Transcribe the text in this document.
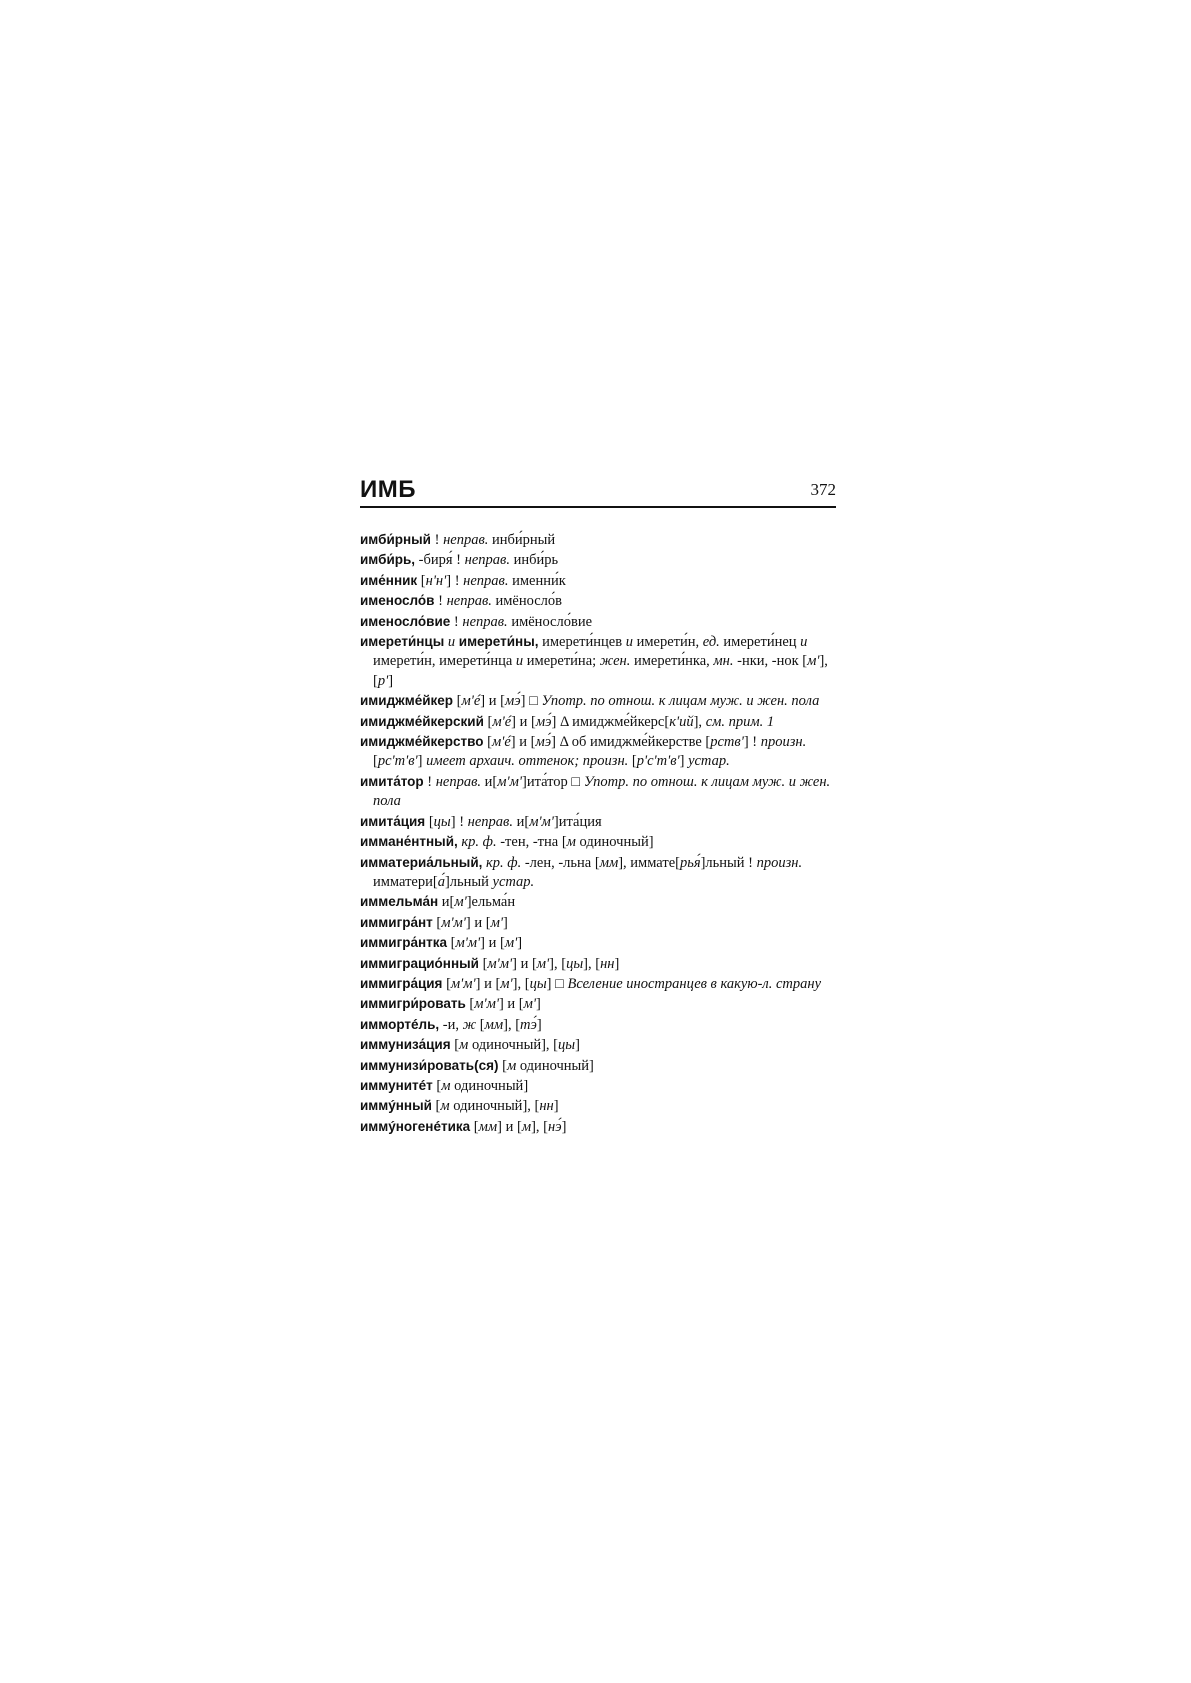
ИМБ	372
имби́рный ! неправ. инби́рный
имби́рь, -биря́ ! неправ. инби́рь
име́нник [н'н'] ! неправ. именни́к
именосло́в ! неправ. имёносло́в
именосло́вие ! неправ. имёносло́вие
имерети́нцы и имерети́ны, имерети́нцев и имерети́н, ед. имерети́нец и имерети́н, имерети́нца и имерети́на; жен. имерети́нка, мн. -нки, -нок [м'], [р']
имиджме́йкер [м'é] и [мэ́] □ Употр. по отнош. к лицам муж. и жен. пола
имиджме́йкерский [м'é] и [мэ́] Δ имиджме́йкерс[к'ий], см. прим. 1
имиджме́йкерство [м'é] и [мэ́] Δ об имиджме́йкерстве [рств'] ! произн. [рс'т'в'] имеет архаич. оттенок; произн. [р'с'т'в'] устар.
имита́тор ! неправ. и[м'м']ита́тор □ Употр. по отнош. к лицам муж. и жен. пола
имита́ция [цы] ! неправ. и[м'м']ита́ция
иммане́нтный, кр. ф. -тен, -тна [м одиночный]
имматериа́льный, кр. ф. -лен, -льна [мм], иммате[рья́]льный ! произн. имматери[а́]льный устар.
иммельма́н и[м']ельма́н
иммигра́нт [м'м'] и [м']
иммигра́нтка [м'м'] и [м']
иммиграцио́нный [м'м'] и [м'], [цы], [нн]
иммигра́ция [м'м'] и [м'], [цы] □ Вселение иностранцев в какую-л. страну
иммигри́ровать [м'м'] и [м']
иммортéль, -и, ж [мм], [тэ́]
иммуниза́ция [м одиночный], [цы]
иммунизи́ровать(ся) [м одиночный]
иммунитéт [м одиночный]
иммýнный [м одиночный], [нн]
иммýногенéтика [мм] и [м], [нэ́]
